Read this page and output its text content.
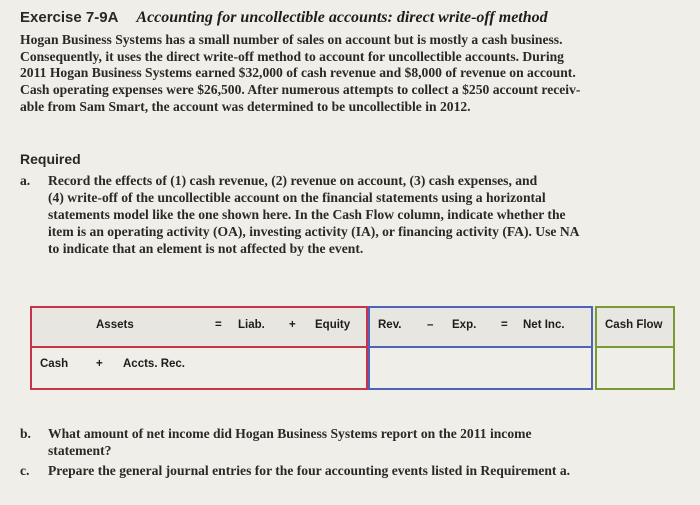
Exercise 7-9A Accounting for uncollectible accounts: direct write-off method
Hogan Business Systems has a small number of sales on account but is mostly a cash business.
Consequently, it uses the direct write-off method to account for uncollectible accounts. During
2011 Hogan Business Systems earned $32,000 of cash revenue and $8,000 of revenue on account.
Cash operating expenses were $26,500. After numerous attempts to collect a $250 account receiv-
able from Sam Smart, the account was determined to be uncollectible in 2012.
Required
a. Record the effects of (1) cash revenue, (2) revenue on account, (3) cash expenses, and
(4) write-off of the uncollectible account on the financial statements using a horizontal
statements model like the one shown here. In the Cash Flow column, indicate whether the
item is an operating activity (OA), investing activity (IA), or financing activity (FA). Use NA
to indicate that an element is not affected by the event.
Assets	= Liab. + Equity Rev. – Exp. = Net Inc.	Cash Flow
Cash + Accts. Rec.
b. What amount of net income did Hogan Business Systems report on the 2011 income
statement?
c. Prepare the general journal entries for the four accounting events listed in Requirement a.
